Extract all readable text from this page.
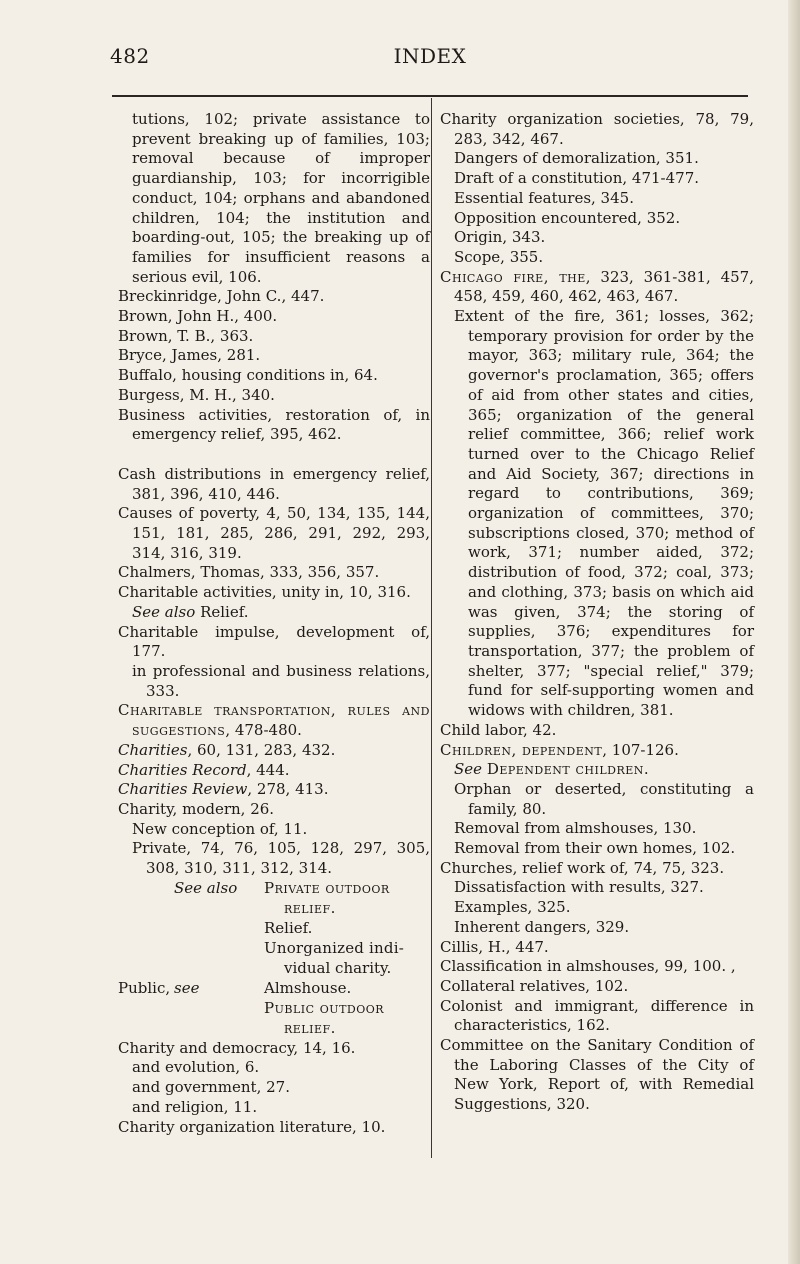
482	INDEX

tutions, 102; private assistance to prevent breaking up of families, 103; removal because of improper guardianship, 103; for incorrigible conduct, 104; orphans and abandoned children, 104; the institution and boarding-out, 105; the breaking up of families for insufficient reasons a serious evil, 106.

Breckinridge, John C., 447.

Brown, John H., 400.

Brown, T. B., 363.

Bryce, James, 281.

Buffalo, housing conditions in, 64.

Burgess, M. H., 340.

Business activities, restoration of, in emergency relief, 395, 462.

Cash distributions in emergency relief, 381, 396, 410, 446.

Causes of poverty, 4, 50, 134, 135, 144, 151, 181, 285, 286, 291, 292, 293, 314, 316, 319.

Chalmers, Thomas, 333, 356, 357.

Charitable activities, unity in, 10, 316.

See also Relief.

Charitable impulse, development of, 177.

in professional and business relations, 333.

Charitable transportation, rules and suggestions, 478-480.

Charities, 60, 131, 283, 432.

Charities Record, 444.

Charities Review, 278, 413.

Charity, modern, 26.

New conception of, 11.

Private, 74, 76, 105, 128, 297, 305, 308, 310, 311, 312, 314.

See also Private outdoor
relief.
Relief.
Unorganized indi-
vidual charity.
Public, see	Almshouse.
Public outdoor
relief.

Charity and democracy, 14, 16.

and evolution, 6.

and government, 27.

and religion, 11.

Charity organization literature, 10.

Charity organization societies, 78, 79, 283, 342, 467.

Dangers of demoralization, 351.

Draft of a constitution, 471-477.

Essential features, 345.

Opposition encountered, 352.

Origin, 343.

Scope, 355.

Chicago fire, the, 323, 361-381, 457, 458, 459, 460, 462, 463, 467.

Extent of the fire, 361; losses, 362; temporary provision for order by the mayor, 363; military rule, 364; the governor's proclamation, 365; offers of aid from other states and cities, 365; organization of the general relief committee, 366; relief work turned over to the Chicago Relief and Aid Society, 367; directions in regard to contributions, 369; organization of committees, 370; subscriptions closed, 370; method of work, 371; number aided, 372; distribution of food, 372; coal, 373; and clothing, 373; basis on which aid was given, 374; the storing of supplies, 376; expenditures for transportation, 377; the problem of shelter, 377; "special relief," 379; fund for self-supporting women and widows with children, 381.

Child labor, 42.

Children, dependent, 107-126.

See Dependent children.

Orphan or deserted, constituting a family, 80.

Removal from almshouses, 130.

Removal from their own homes, 102.

Churches, relief work of, 74, 75, 323.

Dissatisfaction with results, 327.

Examples, 325.

Inherent dangers, 329.

Cillis, H., 447.

Classification in almshouses, 99, 100. ,

Collateral relatives, 102.

Colonist and immigrant, difference in characteristics, 162.

Committee on the Sanitary Condition of the Laboring Classes of the City of New York, Report of, with Remedial Suggestions, 320.
